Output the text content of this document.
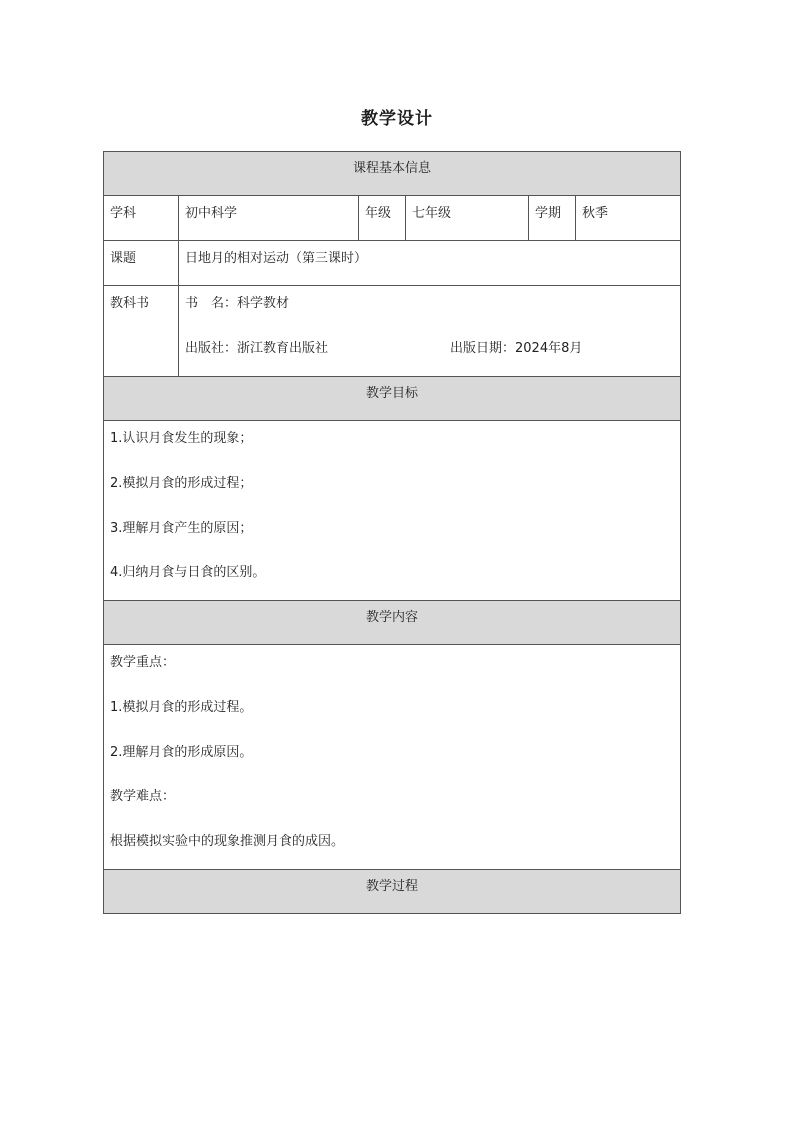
教学设计
课程基本信息					
学科	初中科学	年级	七年级	学期	秋季
课题	日地月的相对运动（第三课时）				
教科书	书　名：科学教材
出版社：浙江教育出版社 出版日期：2024年8月				

教学目标					

1.认识月食发生的现象；
2.模拟月食的形成过程；
3.理解月食产生的原因；
4.归纳月食与日食的区别。					

教学内容					

教学重点：
1.模拟月食的形成过程。
2.理解月食的形成原因。
教学难点：
根据模拟实验中的现象推测月食的成因。					

教学过程					
